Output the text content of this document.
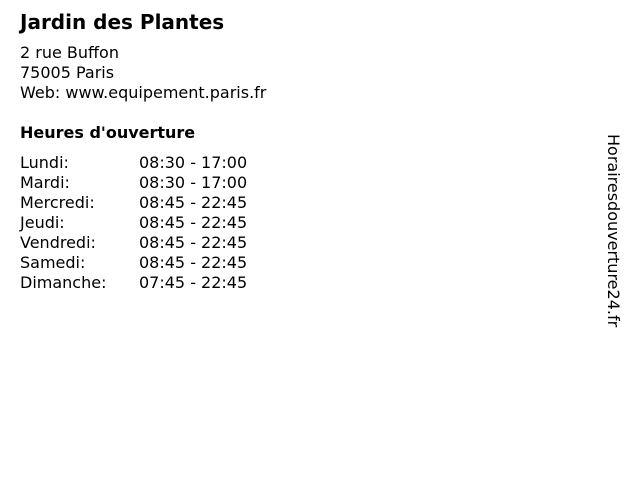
Jardin des Plantes
2 rue Buffon
75005 Paris
Web: www.equipement.paris.fr
Heures d'ouverture
Lundi:	08:30 - 17:00
Mardi:	08:30 - 17:00
Mercredi:	08:45 - 22:45
Jeudi:	08:45 - 22:45
Vendredi:	08:45 - 22:45
Samedi:	08:45 - 22:45
Dimanche: 07:45 - 22:45	Horairesdouverture24.fr
